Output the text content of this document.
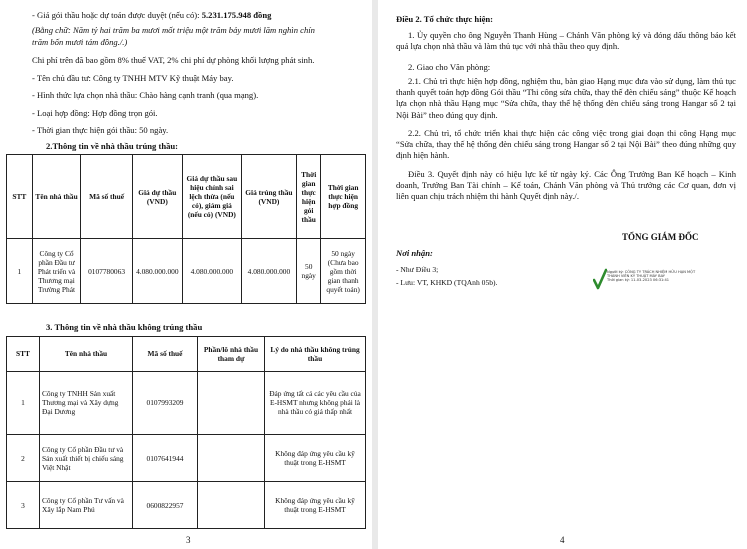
- Giá gói thầu hoặc dự toán được duyệt (nếu có): 5.231.175.948 đồng
(Bằng chữ: Năm tỷ hai trăm ba mươi mốt triệu một trăm bảy mươi lăm nghìn chín
trăm bốn mươi tám đồng./.)
Chi phí trên đã bao gồm 8% thuế VAT, 2% chi phí dự phòng khối lượng phát sinh.
- Tên chủ đầu tư: Công ty TNHH MTV Kỹ thuật Máy bay.
- Hình thức lựa chọn nhà thầu: Chào hàng cạnh tranh (qua mạng).
- Loại hợp đồng: Hợp đồng trọn gói.
- Thời gian thực hiện gói thầu: 50 ngày.
2.Thông tin về nhà thầu trúng thầu:
STT	Tên nhà thầu	Mã số thuế	Giá dự thầu (VND)	Giá dự thầu sau hiệu chỉnh sai lệch thừa (nếu có), giảm giá (nếu có) (VND)	Giá trúng thầu (VND)	Thời gian thực hiện gói thầu	Thời gian thực hiện hợp đồng
1	Công ty Cổ phần Đầu tư Phát triển và Thương mại Trường Phát	0107780063	4.080.000.000	4.080.000.000	4.080.000.000	50 ngày	50 ngày (Chưa bao gồm thời gian thanh quyết toán)
3. Thông tin về nhà thầu không trúng thầu
STT	Tên nhà thầu	Mã số thuế	Phần/lô nhà thầu tham dự	Lý do nhà thầu không trúng thầu
1	Công ty TNHH Sản xuất Thương mại và Xây dựng Đại Dương	0107993209		Đáp ứng tất cả các yêu cầu của E-HSMT nhưng không phải là nhà thầu có giá thấp nhất
2	Công ty Cổ phần Đầu tư và Sản xuất thiết bị chiếu sáng Việt Nhật	0107641944		Không đáp ứng yêu cầu kỹ thuật trong E-HSMT
3	Công ty Cổ phần Tư vấn và Xây lắp Nam Phú	0600822957		Không đáp ứng yêu cầu kỹ thuật trong E-HSMT
3
Điều 2. Tổ chức thực hiện:
1. Ủy quyền cho ông Nguyễn Thanh Hùng – Chánh Văn phòng ký và đóng dấu thông báo kết quả lựa chọn nhà thầu và làm thủ tục với nhà thầu theo quy định.
2. Giao cho Văn phòng:
2.1. Chủ trì thực hiện hợp đồng, nghiệm thu, bàn giao Hạng mục đưa vào sử dụng, làm thủ tục thanh quyết toán hợp đồng Gói thầu “Thi công sửa chữa, thay thế đèn chiếu sáng” thuộc Kế hoạch lựa chọn nhà thầu Hạng mục “Sửa chữa, thay thế hệ thống đèn chiếu sáng trong Hangar số 2 tại Nội Bài” theo đúng quy định.
2.2. Chủ trì, tổ chức triển khai thực hiện các công việc trong giai đoạn thi công Hạng mục “Sửa chữa, thay thế hệ thống đèn chiếu sáng trong Hangar số 2 tại Nội Bài” theo đúng những quy định hiện hành.
Điều 3. Quyết định này có hiệu lực kể từ ngày ký. Các Ông Trưởng Ban Kế hoạch – Kinh doanh, Trưởng Ban Tài chính – Kế toán, Chánh Văn phòng và Thủ trưởng các Cơ quan, đơn vị liên quan chịu trách nhiệm thi hành Quyết định này./.
TỔNG GIÁM ĐỐC
Nơi nhận:
- Như Điều 3;
- Lưu: VT, KHKD (TQAnh 05b).
Người ký: CÔNG TY TRÁCH NHIỆM HỮU HẠN MỘT
THÀNH VIÊN KỸ THUẬT MÁY BAY
Thời gian ký: 11-03-2023 06:31:41
4
